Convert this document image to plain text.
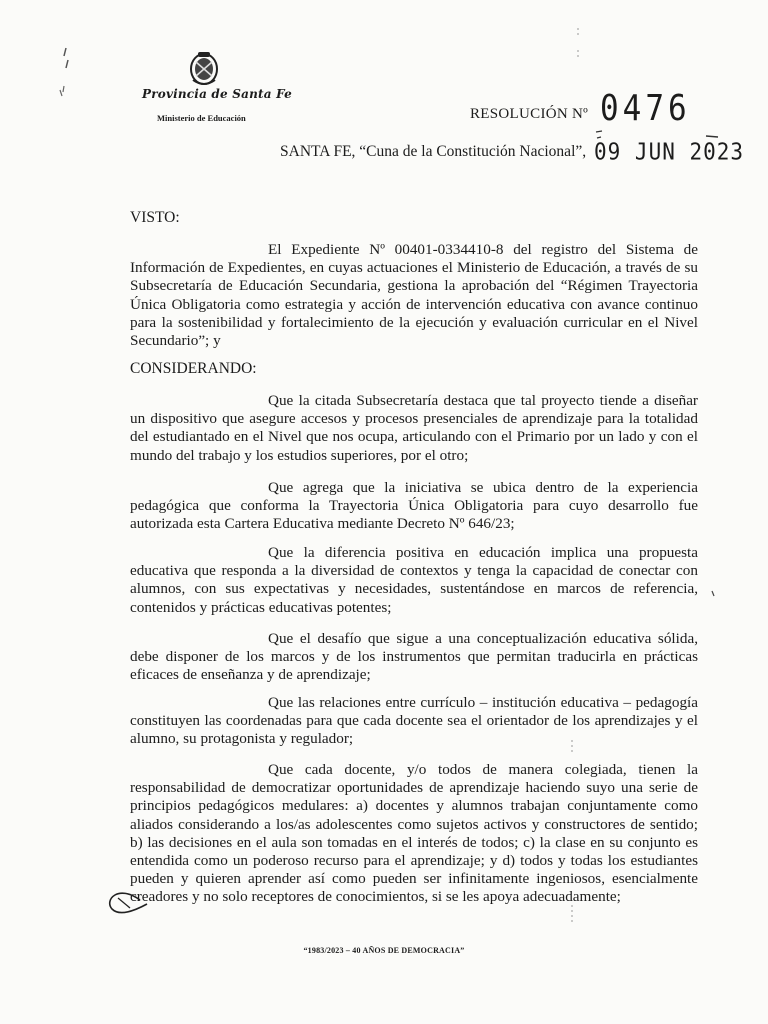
Provincia de Santa Fe
Ministerio de Educación	RESOLUCIÓN Nº 0476
SANTA FE, “Cuna de la Constitución Nacional”, 09 JUN 2023
VISTO:

El Expediente Nº 00401-0334410-8 del registro del Sistema de Información de Expedientes, en cuyas actuaciones el Ministerio de Educación, a través de su Subsecretaría de Educación Secundaria, gestiona la aprobación del “Régimen Trayectoria Única Obligatoria como estrategia y acción de intervención educativa con avance continuo para la sostenibilidad y fortalecimiento de la ejecución y evaluación curricular en el Nivel Secundario”; y

CONSIDERANDO:

Que la citada Subsecretaría destaca que tal proyecto tiende a diseñar un dispositivo que asegure accesos y procesos presenciales de aprendizaje para la totalidad del estudiantado en el Nivel que nos ocupa, articulando con el Primario por un lado y con el mundo del trabajo y los estudios superiores, por el otro;

Que agrega que la iniciativa se ubica dentro de la experiencia pedagógica que conforma la Trayectoria Única Obligatoria para cuyo desarrollo fue autorizada esta Cartera Educativa mediante Decreto Nº 646/23;

Que la diferencia positiva en educación implica una propuesta educativa que responda a la diversidad de contextos y tenga la capacidad de conectar con alumnos, con sus expectativas y necesidades, sustentándose en marcos de referencia, contenidos y prácticas educativas potentes;

Que el desafío que sigue a una conceptualización educativa sólida, debe disponer de los marcos y de los instrumentos que permitan traducirla en prácticas eficaces de enseñanza y de aprendizaje;

Que las relaciones entre currículo – institución educativa – pedagogía constituyen las coordenadas para que cada docente sea el orientador de los aprendizajes y el alumno, su protagonista y regulador;

Que cada docente, y/o todos de manera colegiada, tienen la responsabilidad de democratizar oportunidades de aprendizaje haciendo suyo una serie de principios pedagógicos medulares: a) docentes y alumnos trabajan conjuntamente como aliados considerando a los/as adolescentes como sujetos activos y constructores de sentido; b) las decisiones en el aula son tomadas en el interés de todos; c) la clase en su conjunto es entendida como un poderoso recurso para el aprendizaje; y d) todos y todas los estudiantes pueden y quieren aprender así como pueden ser infinitamente ingeniosos, esencialmente creadores y no solo receptores de conocimientos, si se les apoya adecuadamente;

“1983/2023 – 40 AÑOS DE DEMOCRACIA”
